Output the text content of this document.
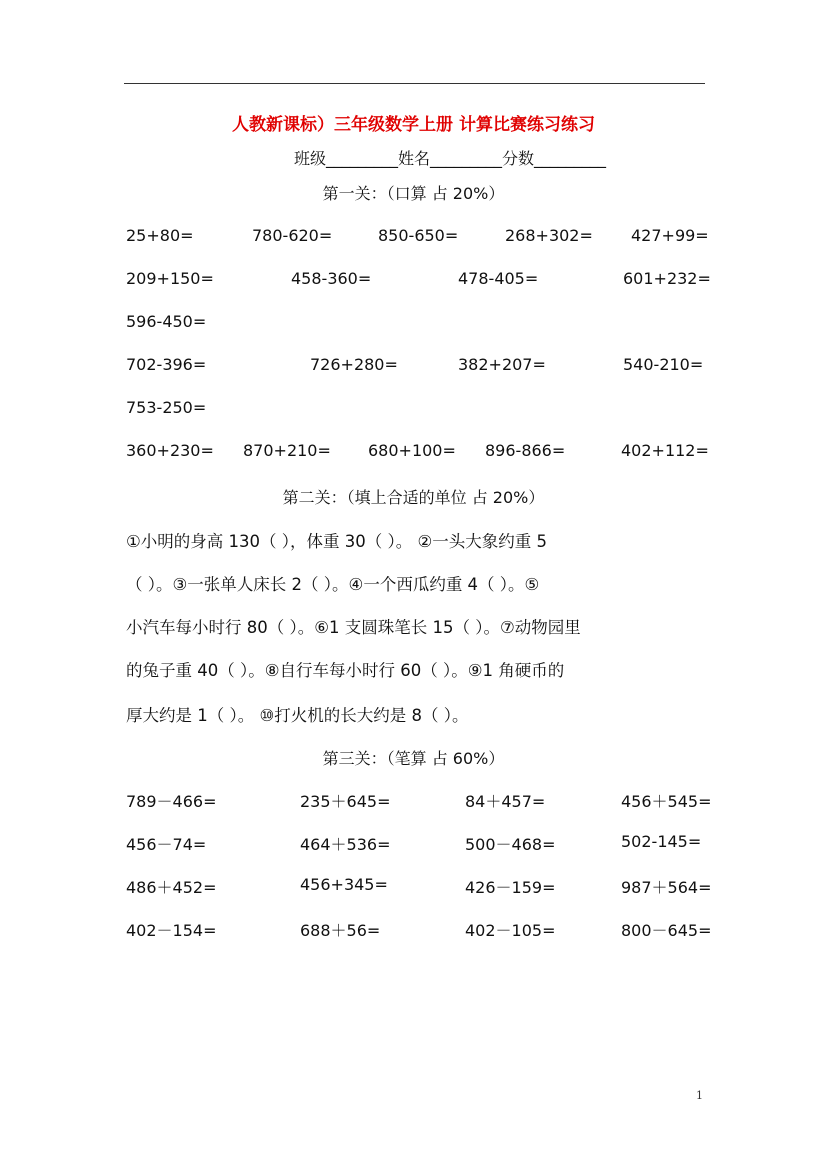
人教新课标）三年级数学上册 计算比赛练习练习
班级_________姓名_________分数_________
第一关：（口算 占 20%）
25+80=	780-620=	850-650=	268+302= 427+99=
209+150=	458-360=	478-405=	601+232=
596-450=
702-396=	726+280=	382+207=	540-210=
753-250=
360+230= 870+210= 680+100= 896-866=	402+112=
第二关：（填上合适的单位 占 20%）
①小明的身高 130（ ），体重 30（ ）。 ②一头大象约重 5
（ ）。③一张单人床长 2（ ）。④一个西瓜约重 4（ ）。⑤
小汽车每小时行 80（ ）。⑥1 支圆珠笔长 15（ ）。⑦动物园里
的兔子重 40（ ）。⑧自行车每小时行 60（ ）。⑨1 角硬币的
厚大约是 1（ ）。 ⑩打火机的长大约是 8（ ）。
第三关：（笔算 占 60%）
789－466=	235＋645=	84＋457=	456＋545=
456－74=	464＋536=	500－468=	502-145=
486＋452=	456+345=	426－159=	987＋564=
402－154=	688＋56=	402－105=	800－645=
1
